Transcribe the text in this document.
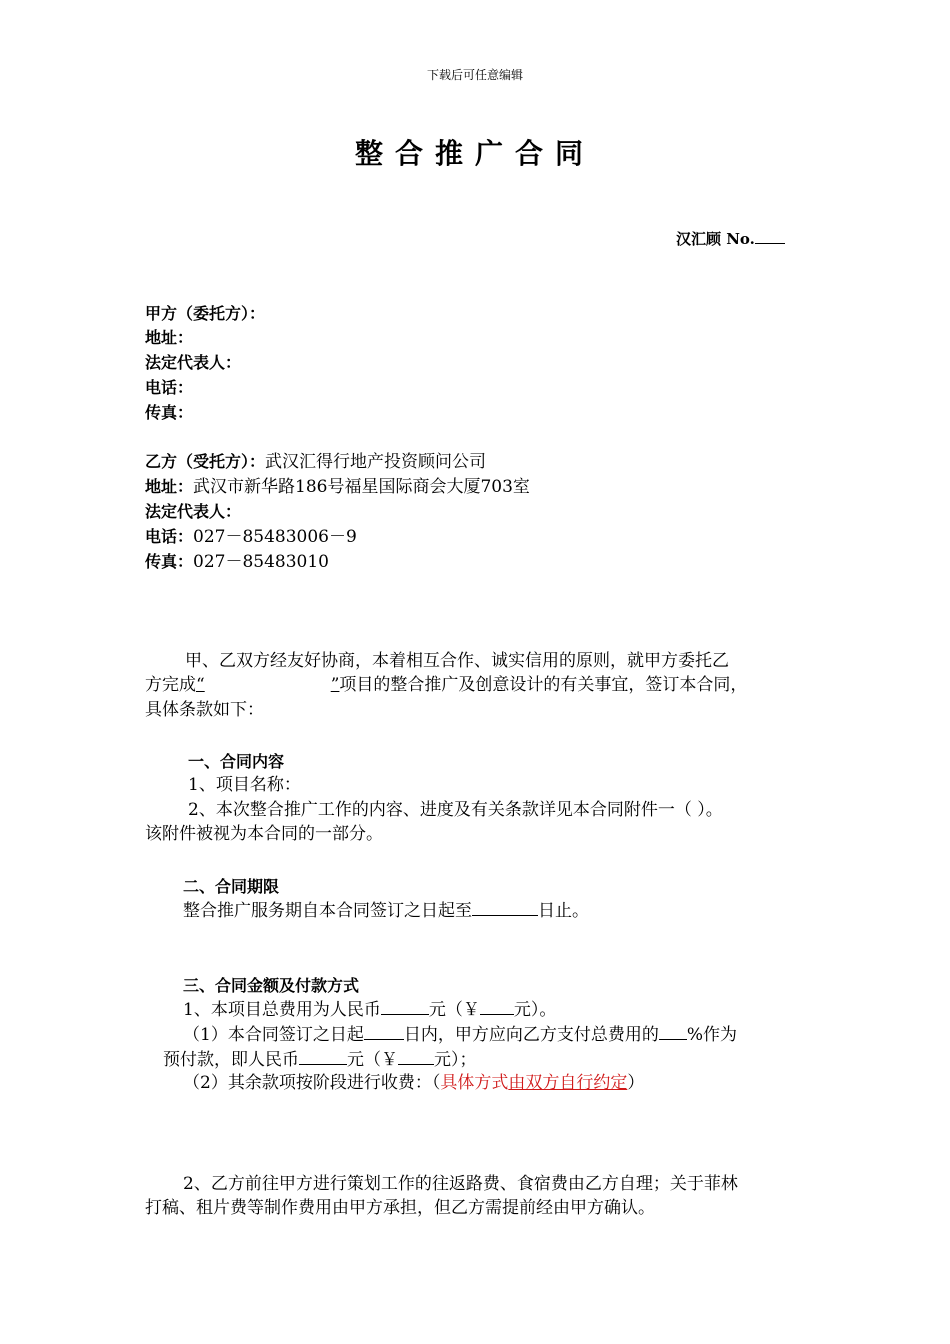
下载后可任意编辑
整合推广合同
汉汇顾 No.
甲方（委托方）：
地址：
法定代表人：
电话：
传真：
乙方（受托方）：武汉汇得行地产投资顾问公司
地址：武汉市新华路186号福星国际商会大厦703室
法定代表人：
电话：027－85483006－9
传真：027－85483010
甲、乙双方经友好协商，本着相互合作、诚实信用的原则，就甲方委托乙
方完成“	”项目的整合推广及创意设计的有关事宜，签订本合同，
具体条款如下：
一、合同内容
1、项目名称：
2、本次整合推广工作的内容、进度及有关条款详见本合同附件一（ ）。
该附件被视为本合同的一部分。
二、合同期限
整合推广服务期自本合同签订之日起至	日止。
三、合同金额及付款方式
1、本项目总费用为人民币	元（￥ 元）。
（1）本合同签订之日起 日内，甲方应向乙方支付总费用的 %作为
预付款，即人民币	元（￥ 元）；
（2）其余款项按阶段进行收费：（具体方式由双方自行约定）
2、乙方前往甲方进行策划工作的往返路费、食宿费由乙方自理；关于菲林
打稿、租片费等制作费用由甲方承担，但乙方需提前经由甲方确认。
